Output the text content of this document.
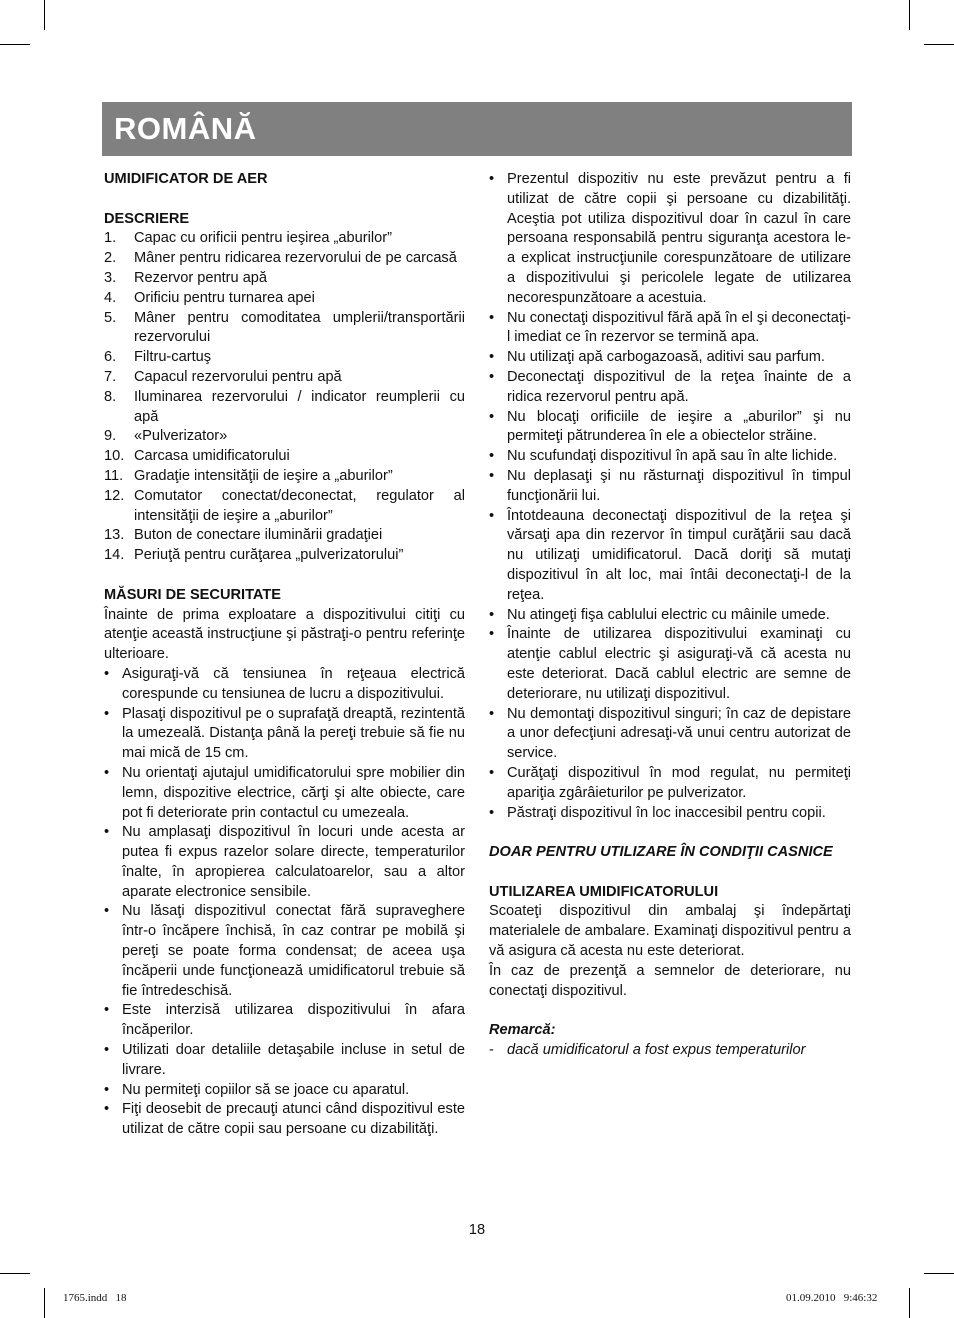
ROMÂNĂ

UMIDIFICATOR DE AER

DESCRIERE

1. Capac cu orificii pentru ieşirea „aburilor”
2. Mâner pentru ridicarea rezervorului de pe carcasă
3. Rezervor pentru apă
4. Orificiu pentru turnarea apei
5. Mâner pentru comoditatea umplerii/transportării rezervorului
6. Filtru-cartuş
7. Capacul rezervorului pentru apă
8. Iluminarea rezervorului / indicator reumplerii cu apă
9. «Pulverizator»
10. Carcasa umidificatorului
11. Gradaţie intensităţii de ieşire a „aburilor”
12. Comutator conectat/deconectat, regulator al intensităţii de ieşire a „aburilor”
13. Buton de conectare iluminării gradaţiei
14. Periuţă pentru curăţarea „pulverizatorului”

MĂSURI DE SECURITATE

Înainte de prima exploatare a dispozitivului citiţi cu atenţie această instrucţiune şi păstraţi-o pentru referinţe ulterioare.

• Asiguraţi-vă că tensiunea în reţeaua electrică corespunde cu tensiunea de lucru a dispozitivului.
• Plasaţi dispozitivul pe o suprafaţă dreaptă, rezintentă la umezeală. Distanţa până la pereţi trebuie să fie nu mai mică de 15 cm.
• Nu orientaţi ajutajul umidificatorului spre mobilier din lemn, dispozitive electrice, cărţi şi alte obiecte, care pot fi deteriorate prin contactul cu umezeala.
• Nu amplasaţi dispozitivul în locuri unde acesta ar putea fi expus razelor solare directe, temperaturilor înalte, în apropierea calculatoarelor, sau a altor aparate electronice sensibile.
• Nu lăsaţi dispozitivul conectat fără supraveghere într-o încăpere închisă, în caz contrar pe mobilă şi pereţi se poate forma condensat; de aceea uşa încăperii unde funcţionează umidificatorul trebuie să fie întredeschisă.
• Este interzisă utilizarea dispozitivului în afara încăperilor.
• Utilizati doar detaliile detaşabile incluse in setul de livrare.
• Nu permiteţi copiilor să se joace cu aparatul.
• Fiţi deosebit de precauţi atunci când dispozitivul este utilizat de către copii sau persoane cu dizabilităţi.
• Prezentul dispozitiv nu este prevăzut pentru a fi utilizat de către copii şi persoane cu dizabilităţi. Aceştia pot utiliza dispozitivul doar în cazul în care persoana responsabilă pentru siguranţa acestora le-a explicat instrucţiunile corespunzătoare de utilizare a dispozitivului şi pericolele legate de utilizarea necorespunzătoare a acestuia.
• Nu conectaţi dispozitivul fără apă în el şi deconectaţi-l imediat ce în rezervor se termină apa.
• Nu utilizaţi apă carbogazoasă, aditivi sau parfum.
• Deconectaţi dispozitivul de la reţea înainte de a ridica rezervorul pentru apă.
• Nu blocaţi orificiile de ieşire a „aburilor” şi nu permiteţi pătrunderea în ele a obiectelor străine.
• Nu scufundaţi dispozitivul în apă sau în alte lichide.
• Nu deplasaţi şi nu răsturnaţi dispozitivul în timpul funcţionării lui.
• Întotdeauna deconectaţi dispozitivul de la reţea şi vărsaţi apa din rezervor în timpul curăţării sau dacă nu utilizaţi umidificatorul. Dacă doriţi să mutaţi dispozitivul în alt loc, mai întâi deconectaţi-l de la reţea.
• Nu atingeţi fişa cablului electric cu mâinile umede.
• Înainte de utilizarea dispozitivului examinaţi cu atenţie cablul electric şi asiguraţi-vă că acesta nu este deteriorat. Dacă cablul electric are semne de deteriorare, nu utilizaţi dispozitivul.
• Nu demontaţi dispozitivul singuri; în caz de depistare a unor defecţiuni adresaţi-vă unui centru autorizat de service.
• Curăţaţi dispozitivul în mod regulat, nu permiteţi apariţia zgârâieturilor pe pulverizator.
• Păstraţi dispozitivul în loc inaccesibil pentru copii.

DOAR PENTRU UTILIZARE ÎN CONDIŢII CASNICE

UTILIZAREA UMIDIFICATORULUI

Scoateţi dispozitivul din ambalaj şi îndepărtaţi materialele de ambalare. Examinaţi dispozitivul pentru a vă asigura că acesta nu este deteriorat.

În caz de prezenţă a semnelor de deteriorare, nu conectaţi dispozitivul.

Remarcă:

- dacă umidificatorul a fost expus temperaturilor
18
1765.indd   18	01.09.2010   9:46:32
